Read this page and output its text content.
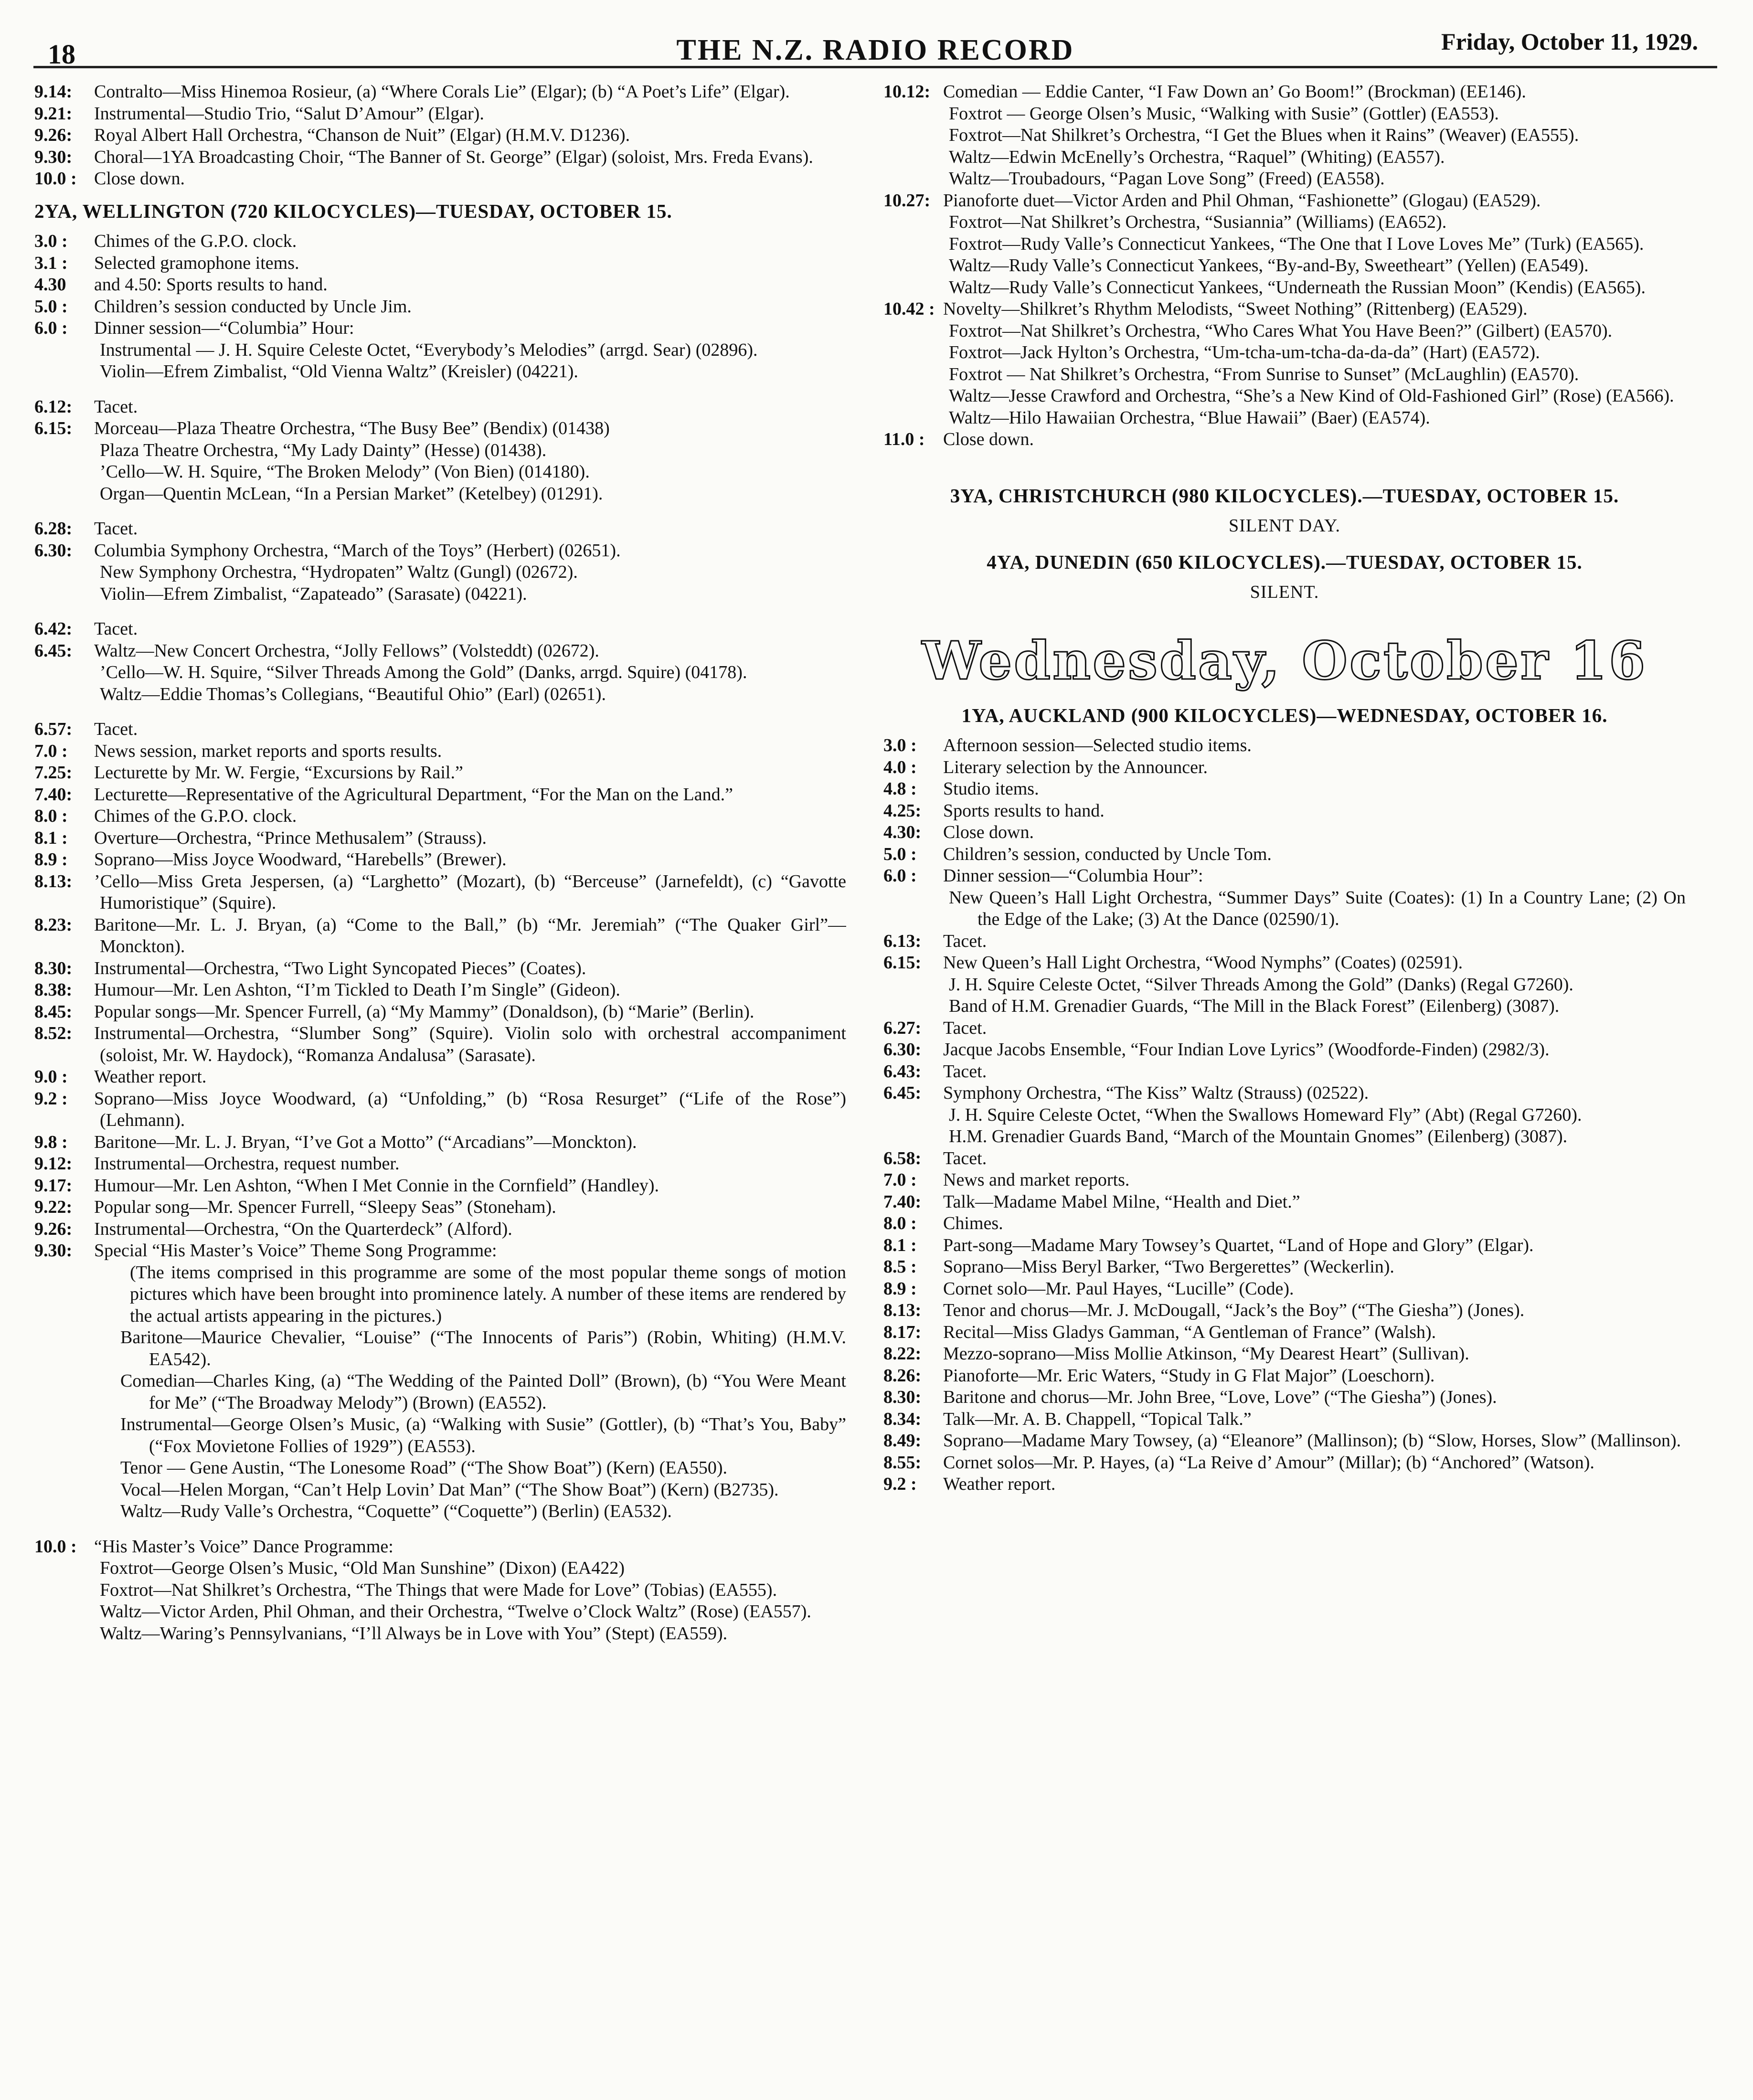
18	THE N.Z. RADIO RECORD	Friday, October 11, 1929.
9.14:	Contralto—Miss Hinemoa Rosieur, (a) “Where Corals Lie” (Elgar); (b) “A Poet’s Life” (Elgar).
9.21:	Instrumental—Studio Trio, “Salut D’Amour” (Elgar).
9.26:	Royal Albert Hall Orchestra, “Chanson de Nuit” (Elgar) (H.M.V. D1236).
9.30:	Choral—1YA Broadcasting Choir, “The Banner of St. George” (Elgar) (soloist, Mrs. Freda Evans).
10.0 : Close down.
2YA, WELLINGTON (720 KILOCYCLES)—TUESDAY, OCTOBER 15.
3.0 :	Chimes of the G.P.O. clock.
3.1 :	Selected gramophone items.
4.30	and 4.50: Sports results to hand.
5.0 :	Children’s session conducted by Uncle Jim.
6.0 :	Dinner session—“Columbia” Hour:
Instrumental — J. H. Squire Celeste Octet, “Everybody’s Melodies” (arrgd. Sear) (02896).
Violin—Efrem Zimbalist, “Old Vienna Waltz” (Kreisler) (04221).
6.12:	Tacet.
6.15:	Morceau—Plaza Theatre Orchestra, “The Busy Bee” (Bendix) (01438)
Plaza Theatre Orchestra, “My Lady Dainty” (Hesse) (01438).
’Cello—W. H. Squire, “The Broken Melody” (Von Bien) (014180).
Organ—Quentin McLean, “In a Persian Market” (Ketelbey) (01291).
6.28:	Tacet.
6.30:	Columbia Symphony Orchestra, “March of the Toys” (Herbert) (02651).
New Symphony Orchestra, “Hydropaten” Waltz (Gungl) (02672).
Violin—Efrem Zimbalist, “Zapateado” (Sarasate) (04221).
6.42:	Tacet.
6.45:	Waltz—New Concert Orchestra, “Jolly Fellows” (Volsteddt) (02672).
’Cello—W. H. Squire, “Silver Threads Among the Gold” (Danks, arrgd. Squire) (04178).
Waltz—Eddie Thomas’s Collegians, “Beautiful Ohio” (Earl) (02651).
6.57:	Tacet.
7.0 :	News session, market reports and sports results.
7.25:	Lecturette by Mr. W. Fergie, “Excursions by Rail.”
7.40:	Lecturette—Representative of the Agricultural Department, “For the Man on the Land.”
8.0 :	Chimes of the G.P.O. clock.
8.1 :	Overture—Orchestra, “Prince Methusalem” (Strauss).
8.9 :	Soprano—Miss Joyce Woodward, “Harebells” (Brewer).
8.13:	’Cello—Miss Greta Jespersen, (a) “Larghetto” (Mozart), (b) “Berceuse” (Jarnefeldt), (c) “Gavotte Humoristique” (Squire).
8.23:	Baritone—Mr. L. J. Bryan, (a) “Come to the Ball,” (b) “Mr. Jeremiah” (“The Quaker Girl”—Monckton).
8.30:	Instrumental—Orchestra, “Two Light Syncopated Pieces” (Coates).
8.38:	Humour—Mr. Len Ashton, “I’m Tickled to Death I’m Single” (Gideon).
8.45:	Popular songs—Mr. Spencer Furrell, (a) “My Mammy” (Donaldson), (b) “Marie” (Berlin).
8.52:	Instrumental—Orchestra, “Slumber Song” (Squire). Violin solo with orchestral accompaniment (soloist, Mr. W. Haydock), “Romanza Andalusa” (Sarasate).
9.0 :	Weather report.
9.2 :	Soprano—Miss Joyce Woodward, (a) “Unfolding,” (b) “Rosa Resurget” (“Life of the Rose”) (Lehmann).
9.8 :	Baritone—Mr. L. J. Bryan, “I’ve Got a Motto” (“Arcadians”—Monckton).
9.12:	Instrumental—Orchestra, request number.
9.17:	Humour—Mr. Len Ashton, “When I Met Connie in the Cornfield” (Handley).
9.22:	Popular song—Mr. Spencer Furrell, “Sleepy Seas” (Stoneham).
9.26:	Instrumental—Orchestra, “On the Quarterdeck” (Alford).
9.30:	Special “His Master’s Voice” Theme Song Programme:
(The items comprised in this programme are some of the most popular theme songs of motion pictures which have been brought into prominence lately. A number of these items are rendered by the actual artists appearing in the pictures.)
Baritone—Maurice Chevalier, “Louise” (“The Innocents of Paris”) (Robin, Whiting) (H.M.V. EA542).
Comedian—Charles King, (a) “The Wedding of the Painted Doll” (Brown), (b) “You Were Meant for Me” (“The Broadway Melody”) (Brown) (EA552).
Instrumental—George Olsen’s Music, (a) “Walking with Susie” (Gottler), (b) “That’s You, Baby” (“Fox Movietone Follies of 1929”) (EA553).
Tenor — Gene Austin, “The Lonesome Road” (“The Show Boat”) (Kern) (EA550).
Vocal—Helen Morgan, “Can’t Help Lovin’ Dat Man” (“The Show Boat”) (Kern) (B2735).
Waltz—Rudy Valle’s Orchestra, “Coquette” (“Coquette”) (Berlin) (EA532).
10.0 : “His Master’s Voice” Dance Programme:
Foxtrot—George Olsen’s Music, “Old Man Sunshine” (Dixon) (EA422)
Foxtrot—Nat Shilkret’s Orchestra, “The Things that were Made for Love” (Tobias) (EA555).
Waltz—Victor Arden, Phil Ohman, and their Orchestra, “Twelve o’Clock Waltz” (Rose) (EA557).
Waltz—Waring’s Pennsylvanians, “I’ll Always be in Love with You” (Stept) (EA559).
10.12: Comedian — Eddie Canter, “I Faw Down an’ Go Boom!” (Brockman) (EE146).
Foxtrot — George Olsen’s Music, “Walking with Susie” (Gottler) (EA553).
Foxtrot—Nat Shilkret’s Orchestra, “I Get the Blues when it Rains” (Weaver) (EA555).
Waltz—Edwin McEnelly’s Orchestra, “Raquel” (Whiting) (EA557).
Waltz—Troubadours, “Pagan Love Song” (Freed) (EA558).
10.27: Pianoforte duet—Victor Arden and Phil Ohman, “Fashionette” (Glogau) (EA529).
Foxtrot—Nat Shilkret’s Orchestra, “Susiannia” (Williams) (EA652).
Foxtrot—Rudy Valle’s Connecticut Yankees, “The One that I Love Loves Me” (Turk) (EA565).
Waltz—Rudy Valle’s Connecticut Yankees, “By-and-By, Sweetheart” (Yellen) (EA549).
Waltz—Rudy Valle’s Connecticut Yankees, “Underneath the Russian Moon” (Kendis) (EA565).
10.42 : Novelty—Shilkret’s Rhythm Melodists, “Sweet Nothing” (Rittenberg) (EA529).
Foxtrot—Nat Shilkret’s Orchestra, “Who Cares What You Have Been?” (Gilbert) (EA570).
Foxtrot—Jack Hylton’s Orchestra, “Um-tcha-um-tcha-da-da-da” (Hart) (EA572).
Foxtrot — Nat Shilkret’s Orchestra, “From Sunrise to Sunset” (McLaughlin) (EA570).
Waltz—Jesse Crawford and Orchestra, “She’s a New Kind of Old-Fashioned Girl” (Rose) (EA566).
Waltz—Hilo Hawaiian Orchestra, “Blue Hawaii” (Baer) (EA574).
11.0 :	Close down.
3YA, CHRISTCHURCH (980 KILOCYCLES).—TUESDAY, OCTOBER 15.
SILENT DAY.
4YA, DUNEDIN (650 KILOCYCLES).—TUESDAY, OCTOBER 15.
SILENT.
Wednesday, October 16
1YA, AUCKLAND (900 KILOCYCLES)—WEDNESDAY, OCTOBER 16.
3.0 :	Afternoon session—Selected studio items.
4.0 :	Literary selection by the Announcer.
4.8 :	Studio items.
4.25:	Sports results to hand.
4.30:	Close down.
5.0 :	Children’s session, conducted by Uncle Tom.
6.0 :	Dinner session—“Columbia Hour”:
New Queen’s Hall Light Orchestra, “Summer Days” Suite (Coates): (1) In a Country Lane; (2) On the Edge of the Lake; (3) At the Dance (02590/1).
6.13:	Tacet.
6.15:	New Queen’s Hall Light Orchestra, “Wood Nymphs” (Coates) (02591).
J. H. Squire Celeste Octet, “Silver Threads Among the Gold” (Danks) (Regal G7260).
Band of H.M. Grenadier Guards, “The Mill in the Black Forest” (Eilenberg) (3087).
6.27:	Tacet.
6.30:	Jacque Jacobs Ensemble, “Four Indian Love Lyrics” (Woodforde-Finden) (2982/3).
6.43:	Tacet.
6.45:	Symphony Orchestra, “The Kiss” Waltz (Strauss) (02522).
J. H. Squire Celeste Octet, “When the Swallows Homeward Fly” (Abt) (Regal G7260).
H.M. Grenadier Guards Band, “March of the Mountain Gnomes” (Eilenberg) (3087).
6.58:	Tacet.
7.0 :	News and market reports.
7.40:	Talk—Madame Mabel Milne, “Health and Diet.”
8.0 :	Chimes.
8.1 :	Part-song—Madame Mary Towsey’s Quartet, “Land of Hope and Glory” (Elgar).
8.5 :	Soprano—Miss Beryl Barker, “Two Bergerettes” (Weckerlin).
8.9 :	Cornet solo—Mr. Paul Hayes, “Lucille” (Code).
8.13:	Tenor and chorus—Mr. J. McDougall, “Jack’s the Boy” (“The Giesha”) (Jones).
8.17:	Recital—Miss Gladys Gamman, “A Gentleman of France” (Walsh).
8.22:	Mezzo-soprano—Miss Mollie Atkinson, “My Dearest Heart” (Sullivan).
8.26:	Pianoforte—Mr. Eric Waters, “Study in G Flat Major” (Loeschorn).
8.30:	Baritone and chorus—Mr. John Bree, “Love, Love” (“The Giesha”) (Jones).
8.34:	Talk—Mr. A. B. Chappell, “Topical Talk.”
8.49:	Soprano—Madame Mary Towsey, (a) “Eleanore” (Mallinson); (b) “Slow, Horses, Slow” (Mallinson).
8.55:	Cornet solos—Mr. P. Hayes, (a) “La Reive d’ Amour” (Millar); (b) “Anchored” (Watson).
9.2 :	Weather report.
